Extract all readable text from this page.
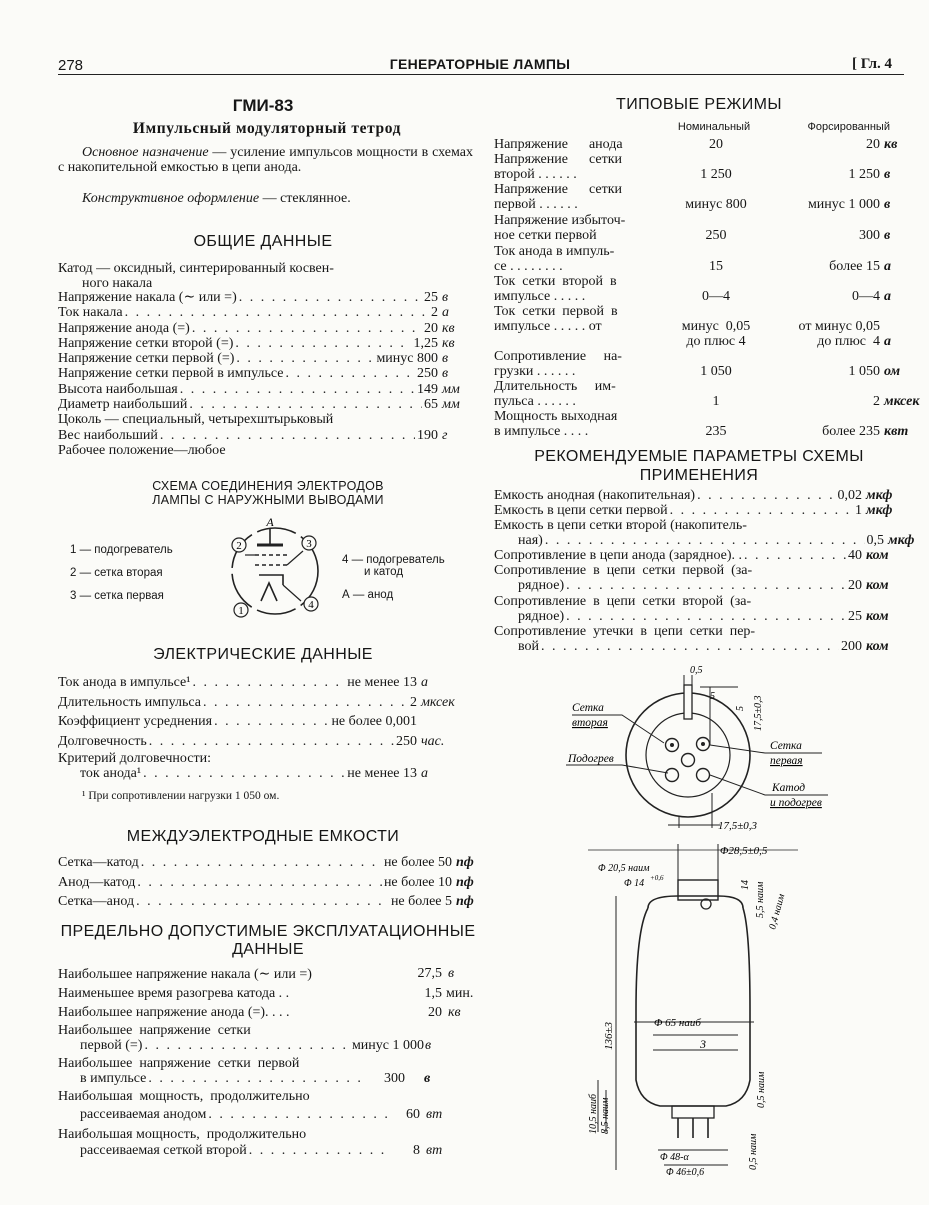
278	ГЕНЕРАТОРНЫЕ ЛАМПЫ	[ Гл. 4
ГМИ-83
Импульсный модуляторный тетрод
Основное назначение — усиление импульсов мощности в схемах с накопительной емкостью в цепи анода.
Конструктивное оформление — стеклянное.
ОБЩИЕ ДАННЫЕ
Катод — оксидный, синтерированный косвен-
ного накала
Напряжение накала (∼ или =) . . .	25 в
Ток накала . . .	2 а
Напряжение анода (=) . . .	20 кв
Напряжение сетки второй (=) . . .	1,25 кв
Напряжение сетки первой (=) . . .	минус 800 в
Напряжение сетки первой в импульсе . . .	250 в
Высота наибольшая . . .	149 мм
Диаметр наибольший . . .	65 мм
Цоколь — специальный, четырехштырьковый
Вес наибольший . . .	190 г
Рабочее положение—любое
СХЕМА СОЕДИНЕНИЯ ЭЛЕКТРОДОВ
ЛАМПЫ С НАРУЖНЫМИ ВЫВОДАМИ
1 — подогреватель
2 — сетка вторая
3 — сетка первая
4 — подогреватель
и катод
А — анод
2	3
1	4
А
ЭЛЕКТРИЧЕСКИЕ ДАННЫЕ
Ток анода в импульсе¹ . . .	не менее 13 а
Длительность импульса . . .	2 мксек
Коэффициент усреднения . . .	не более 0,001
Долговечность . . .	250 час.
Критерий долговечности:
ток анода¹ . . .	не менее 13 а
¹ При сопротивлении нагрузки 1 050 ом.
МЕЖДУЭЛЕКТРОДНЫЕ ЕМКОСТИ
Сетка—катод . . .	не более 50 пф
Анод—катод . . .	не более 10 пф
Сетка—анод . . .	не более 5 пф
ПРЕДЕЛЬНО ДОПУСТИМЫЕ ЭКСПЛУАТАЦИОННЫЕ
ДАННЫЕ
Наибольшее напряжение накала (∼ или =)	27,5 в
Наименьшее время разогрева катода . .	1,5 мин.
Наибольшее напряжение анода (=). . . .	20 кв
Наибольшее  напряжение  сетки
первой (=) . . .	минус 1 000 в
Наибольшее  напряжение  сетки  первой
в импульсе . . .	300 в
Наибольшая  мощность,  продолжительно
рассеиваемая анодом . . .	60 вт
Наибольшая мощность,  продолжительно
рассеиваемая сеткой второй . . .	8 вт
ТИПОВЫЕ РЕЖИМЫ
Номинальный	Форсированный
Напряжение      анода	20	20 кв
Напряжение      сетки
второй . . . . . .	1 250	1 250 в
Напряжение      сетки
первой . . . . . .	минус 800	минус 1 000 в
Напряжение избыточ-
ное сетки первой	250	300 в
Ток анода в импуль-
се . . . . . . . .	15	более 15 а
Ток  сетки  второй  в
импульсе . . . . .	0—4	0—4 а
Ток  сетки  первой  в
импульсе . . . . . от	минус  0,05	от минус 0,05
до плюс 4	до плюс  4 а
Сопротивление     на-
грузки . . . . . .	1 050	1 050 ом
Длительность     им-
пульса . . . . . .	1	2 мксек
Мощность выходная
в импульсе . . . .	235	более 235 квт
РЕКОМЕНДУЕМЫЕ ПАРАМЕТРЫ СХЕМЫ
ПРИМЕНЕНИЯ
Емкость анодная (накопительная) . . .	0,02 мкф
Емкость в цепи сетки первой . . .	1 мкф
Емкость в цепи сетки второй (накопитель-
ная) . . .	0,5 мкф
Сопротивление в цепи анода (зарядное). . . . .	40 ком
Сопротивление  в  цепи  сетки  первой  (за-
рядное) . . .	20 ком
Сопротивление  в  цепи  сетки  второй  (за-
рядное) . . .	25 ком
Сопротивление  утечки  в  цепи  сетки  пер-
вой . . .	200 ком
Сетка
вторая
Подогрев
Сетка
первая
Катод
и подогрев
0,5
5
5 17,5±0,3
17,5±0,3
Φ28,5±0,5
Φ 20,5 наим
Φ 14 +0,6
14 5,5 наим 0,4 наим
Φ 65 наиб
136±3	3
10,5 наиб 8,5 наим
0,5 наим
0,5 наим
Φ 48-α
Φ 46±0,6
